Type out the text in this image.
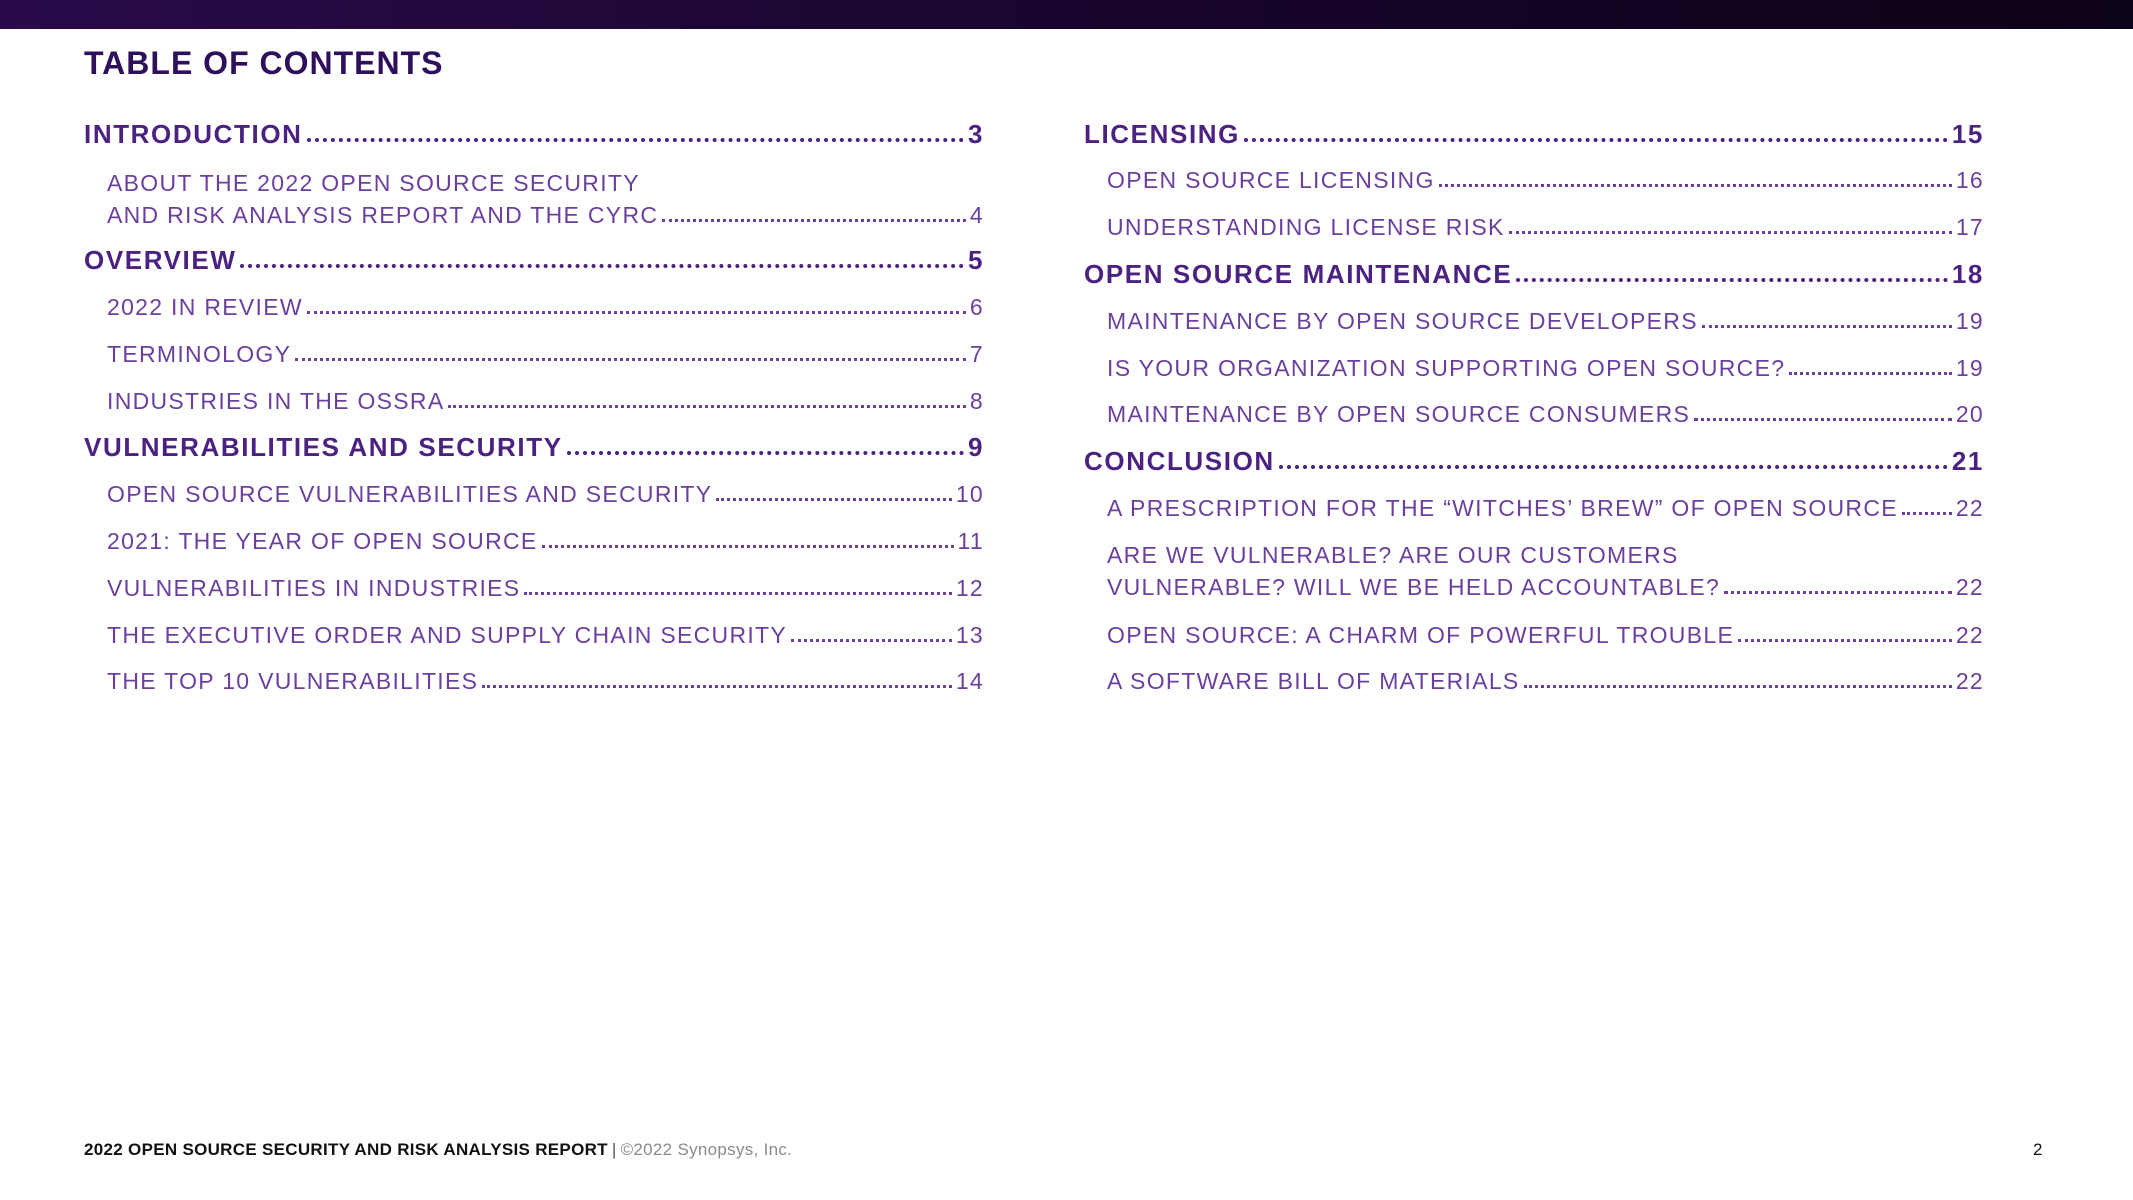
TABLE OF CONTENTS
INTRODUCTION	3
ABOUT THE 2022 OPEN SOURCE SECURITY
AND RISK ANALYSIS REPORT AND THE CYRC	4
OVERVIEW	5
2022 IN REVIEW	6
TERMINOLOGY	7
INDUSTRIES IN THE OSSRA	8
VULNERABILITIES AND SECURITY	9
OPEN SOURCE VULNERABILITIES AND SECURITY	10
2021: THE YEAR OF OPEN SOURCE	11
VULNERABILITIES IN INDUSTRIES	12
THE EXECUTIVE ORDER AND SUPPLY CHAIN SECURITY	13
THE TOP 10 VULNERABILITIES	14
LICENSING	15
OPEN SOURCE LICENSING	16
UNDERSTANDING LICENSE RISK	17
OPEN SOURCE MAINTENANCE	18
MAINTENANCE BY OPEN SOURCE DEVELOPERS	19
IS YOUR ORGANIZATION SUPPORTING OPEN SOURCE?	19
MAINTENANCE BY OPEN SOURCE CONSUMERS	20
CONCLUSION	21
A PRESCRIPTION FOR THE “WITCHES’ BREW” OF OPEN SOURCE	22
ARE WE VULNERABLE? ARE OUR CUSTOMERS
VULNERABLE? WILL WE BE HELD ACCOUNTABLE?	22
OPEN SOURCE: A CHARM OF POWERFUL TROUBLE	22
A SOFTWARE BILL OF MATERIALS	22
2022 OPEN SOURCE SECURITY AND RISK ANALYSIS REPORT | ©2022 Synopsys, Inc.	2
